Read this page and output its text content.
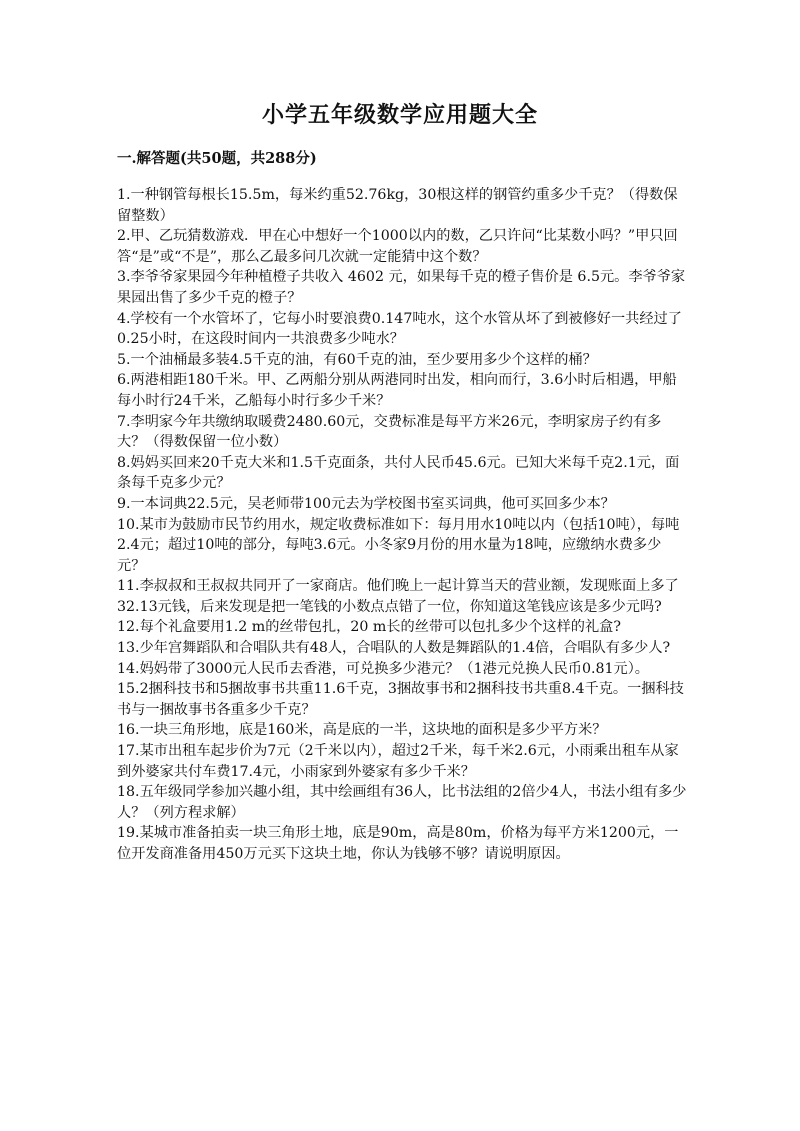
小学五年级数学应用题大全
一.解答题(共50题，共288分)
1.一种钢管每根长15.5m，每米约重52.76kg，30根这样的钢管约重多少千克？（得数保留整数）
2.甲、乙玩猜数游戏．甲在心中想好一个1000以内的数，乙只许问“比某数小吗？”甲只回答“是”或“不是”，那么乙最多问几次就一定能猜中这个数？
3.李爷爷家果园今年种植橙子共收入 4602 元，如果每千克的橙子售价是 6.5元。李爷爷家果园出售了多少千克的橙子？
4.学校有一个水管坏了，它每小时要浪费0.147吨水，这个水管从坏了到被修好一共经过了0.25小时，在这段时间内一共浪费多少吨水？
5.一个油桶最多装4.5千克的油，有60千克的油，至少要用多少个这样的桶？
6.两港相距180千米。甲、乙两船分别从两港同时出发，相向而行，3.6小时后相遇，甲船每小时行24千米，乙船每小时行多少千米？
7.李明家今年共缴纳取暖费2480.60元，交费标准是每平方米26元，李明家房子约有多大？（得数保留一位小数）
8.妈妈买回来20千克大米和1.5千克面条，共付人民币45.6元。已知大米每千克2.1元，面条每千克多少元？
9.一本词典22.5元，吴老师带100元去为学校图书室买词典，他可买回多少本？
10.某市为鼓励市民节约用水，规定收费标准如下：每月用水10吨以内（包括10吨），每吨2.4元；超过10吨的部分，每吨3.6元。小冬家9月份的用水量为18吨，应缴纳水费多少元？
11.李叔叔和王叔叔共同开了一家商店。他们晚上一起计算当天的营业额，发现账面上多了32.13元钱，后来发现是把一笔钱的小数点点错了一位，你知道这笔钱应该是多少元吗?
12.每个礼盒要用1.2 m的丝带包扎，20 m长的丝带可以包扎多少个这样的礼盒?
13.少年宫舞蹈队和合唱队共有48人，合唱队的人数是舞蹈队的1.4倍，合唱队有多少人?
14.妈妈带了3000元人民币去香港，可兑换多少港元？（1港元兑换人民币0.81元）。
15.2捆科技书和5捆故事书共重11.6千克，3捆故事书和2捆科技书共重8.4千克。一捆科技书与一捆故事书各重多少千克？
16.一块三角形地，底是160米，高是底的一半，这块地的面积是多少平方米？
17.某市出租车起步价为7元（2千米以内），超过2千米，每千米2.6元，小雨乘出租车从家到外婆家共付车费17.4元，小雨家到外婆家有多少千米？
18.五年级同学参加兴趣小组，其中绘画组有36人，比书法组的2倍少4人，书法小组有多少人？（列方程求解）
19.某城市准备拍卖一块三角形土地，底是90m，高是80m，价格为每平方米1200元，一位开发商准备用450万元买下这块土地，你认为钱够不够？请说明原因。
